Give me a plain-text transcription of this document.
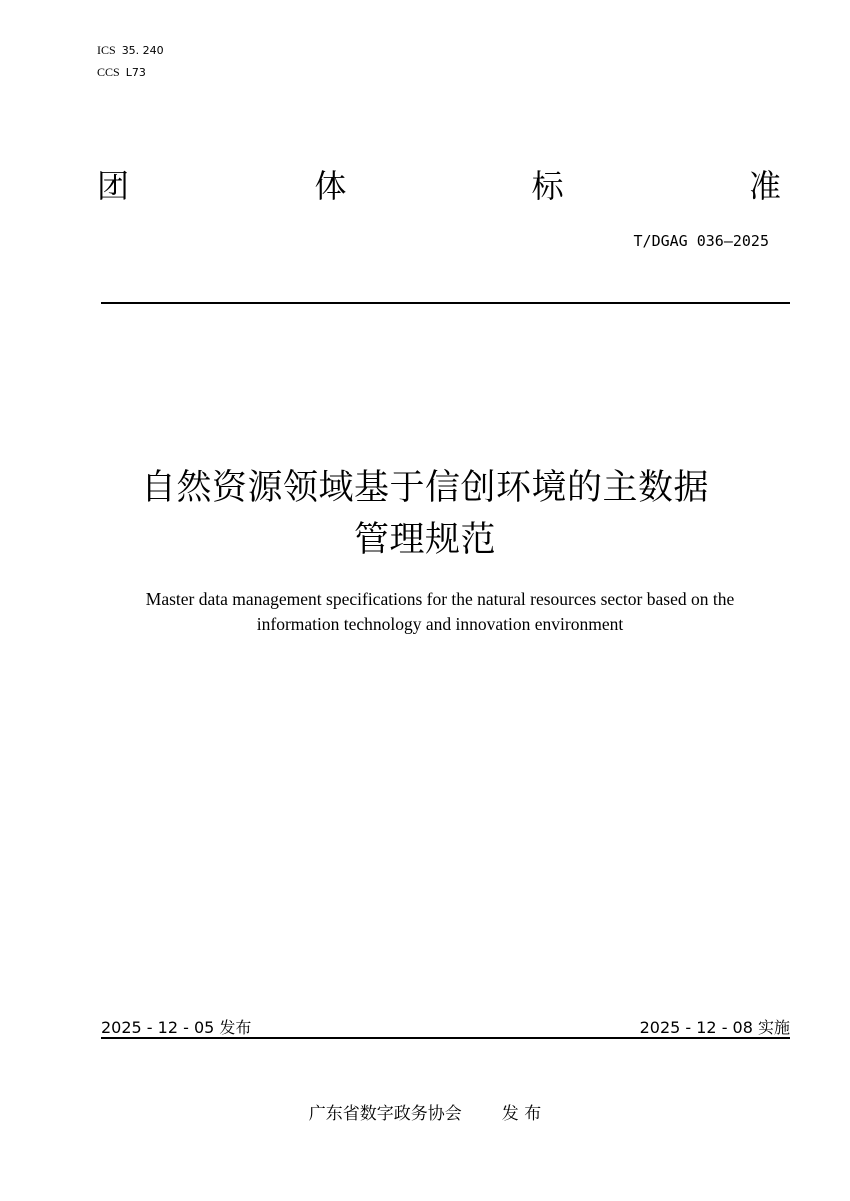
ICS 35. 240
CCS L73
团	体	标	准
T/DGAG 036—2025
自然资源领域基于信创环境的主数据
管理规范
Master data management specifications for the natural resources sector based on the
information technology and innovation environment
2025 - 12 - 05 发布	2025 - 12 - 08 实施
广东省数字政务协会 发 布
